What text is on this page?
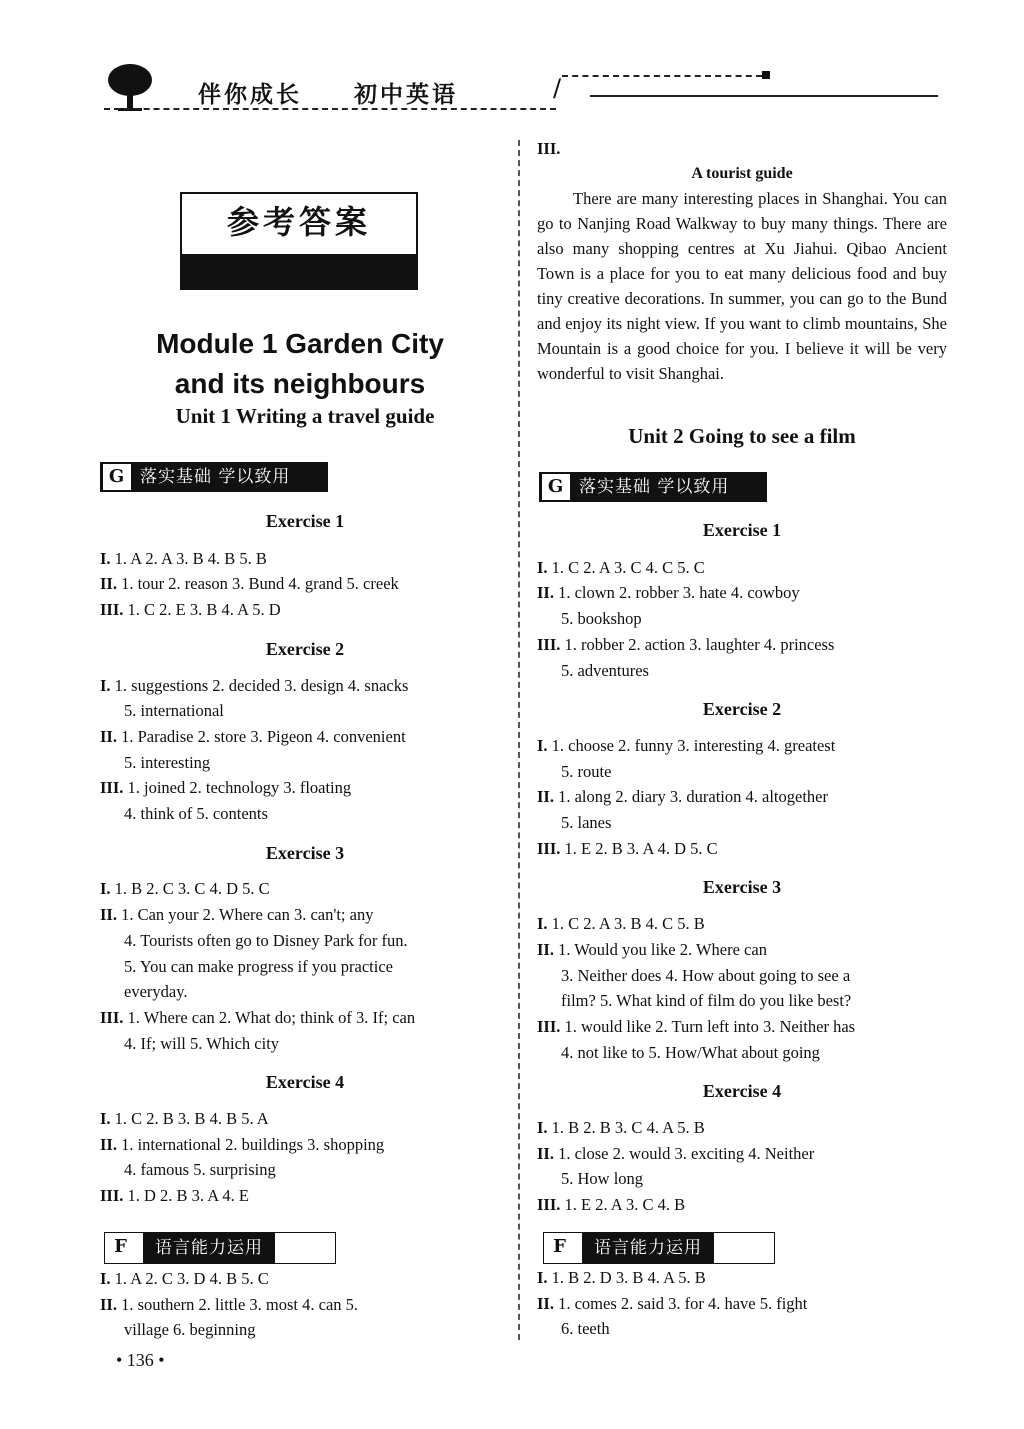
伴你成长 初中英语	/
参考答案
Module 1 Garden City
and its neighbours
Unit 1 Writing a travel guide
G 落实基础 学以致用
Exercise 1

I. 1. A 2. A 3. B 4. B 5. B

II. 1. tour 2. reason 3. Bund 4. grand 5. creek

III. 1. C 2. E 3. B 4. A 5. D

Exercise 2

I. 1. suggestions 2. decided 3. design 4. snacks

5. international

II. 1. Paradise 2. store 3. Pigeon 4. convenient

5. interesting

III. 1. joined 2. technology 3. floating

4. think of 5. contents

Exercise 3

I. 1. B 2. C 3. C 4. D 5. C

II. 1. Can your 2. Where can 3. can't; any

4. Tourists often go to Disney Park for fun.

5. You can make progress if you practice

everyday.

III. 1. Where can 2. What do; think of 3. If; can

4. If; will 5. Which city

Exercise 4

I. 1. C 2. B 3. B 4. B 5. A

II. 1. international 2. buildings 3. shopping

4. famous 5. surprising

III. 1. D 2. B 3. A 4. E

F 语言能力运用

I. 1. A 2. C 3. D 4. B 5. C

II. 1. southern 2. little 3. most 4. can 5.

village 6. beginning

• 136 •
III.
A tourist guide

There are many interesting places in Shanghai. You can go to Nanjing Road Walkway to buy many things. There are also many shopping centres at Xu Jiahui. Qibao Ancient Town is a place for you to eat many delicious food and buy tiny creative decorations. In summer, you can go to the Bund and enjoy its night view. If you want to climb mountains, She Mountain is a good choice for you. I believe it will be very wonderful to visit Shanghai.

Unit 2 Going to see a film
G 落实基础 学以致用
Exercise 1

I. 1. C 2. A 3. C 4. C 5. C

II. 1. clown 2. robber 3. hate 4. cowboy

5. bookshop

III. 1. robber 2. action 3. laughter 4. princess

5. adventures

Exercise 2

I. 1. choose 2. funny 3. interesting 4. greatest

5. route

II. 1. along 2. diary 3. duration 4. altogether

5. lanes

III. 1. E 2. B 3. A 4. D 5. C

Exercise 3

I. 1. C 2. A 3. B 4. C 5. B

II. 1. Would you like 2. Where can

3. Neither does 4. How about going to see a

film? 5. What kind of film do you like best?

III. 1. would like 2. Turn left into 3. Neither has

4. not like to 5. How/What about going

Exercise 4

I. 1. B 2. B 3. C 4. A 5. B

II. 1. close 2. would 3. exciting 4. Neither

5. How long

III. 1. E 2. A 3. C 4. B

F 语言能力运用

I. 1. B 2. D 3. B 4. A 5. B

II. 1. comes 2. said 3. for 4. have 5. fight

6. teeth
